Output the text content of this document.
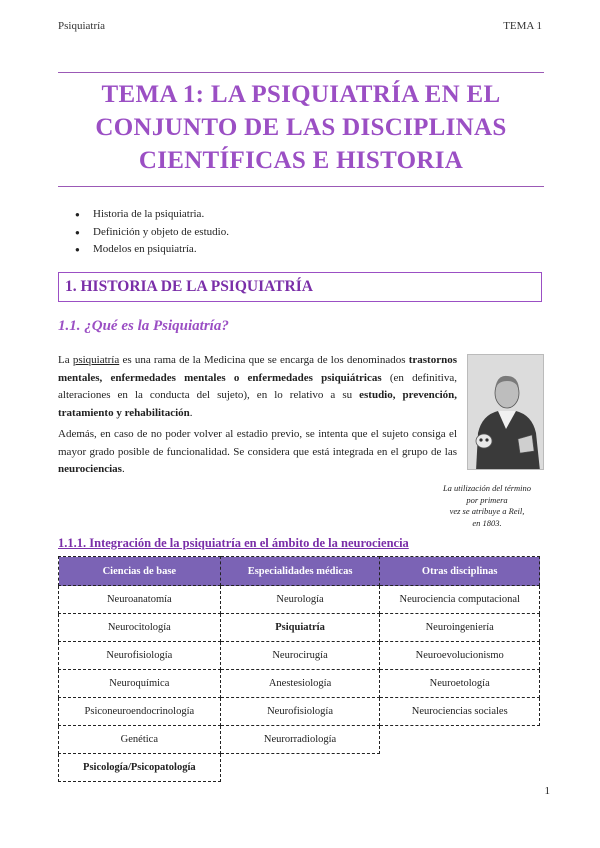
Psiquiatría	TEMA 1
TEMA 1: LA PSIQUIATRÍA EN EL
CONJUNTO DE LAS DISCIPLINAS
CIENTÍFICAS E HISTORIA
● Historia de la psiquiatria.
● Definición y objeto de estudio.
● Modelos en psiquiatría.
1. HISTORIA DE LA PSIQUIATRÍA
1.1. ¿Qué es la Psiquiatría?
La psiquiatría es una rama de la Medicina que se encarga de los denominados trastornos mentales, enfermedades mentales o enfermedades psiquiátricas (en definitiva, alteraciones en la conducta del sujeto), en lo relativo a su estudio, prevención, tratamiento y rehabilitación.
Además, en caso de no poder volver al estadio previo, se intenta que el sujeto consiga el mayor grado posible de funcionalidad. Se considera que está integrada en el grupo de las neurociencias.
La utilización del término
por primera
vez se atribuye a Reil,
en 1803.
1.1.1. Integración de la psiquiatría en el ámbito de la neurociencia
Ciencias de base	Especialidades médicas	Otras disciplinas
Neuroanatomía	Neurología	Neurociencia computacional
Neurocitología	Psiquiatría	Neuroingeniería
Neurofisiología	Neurocirugía	Neuroevolucionismo
Neuroquímica	Anestesiología	Neuroetología
Psiconeuroendocrinología	Neurofisiología	Neurociencias sociales
Genética	Neurorradiología	
Psicología/Psicopatología		
1
